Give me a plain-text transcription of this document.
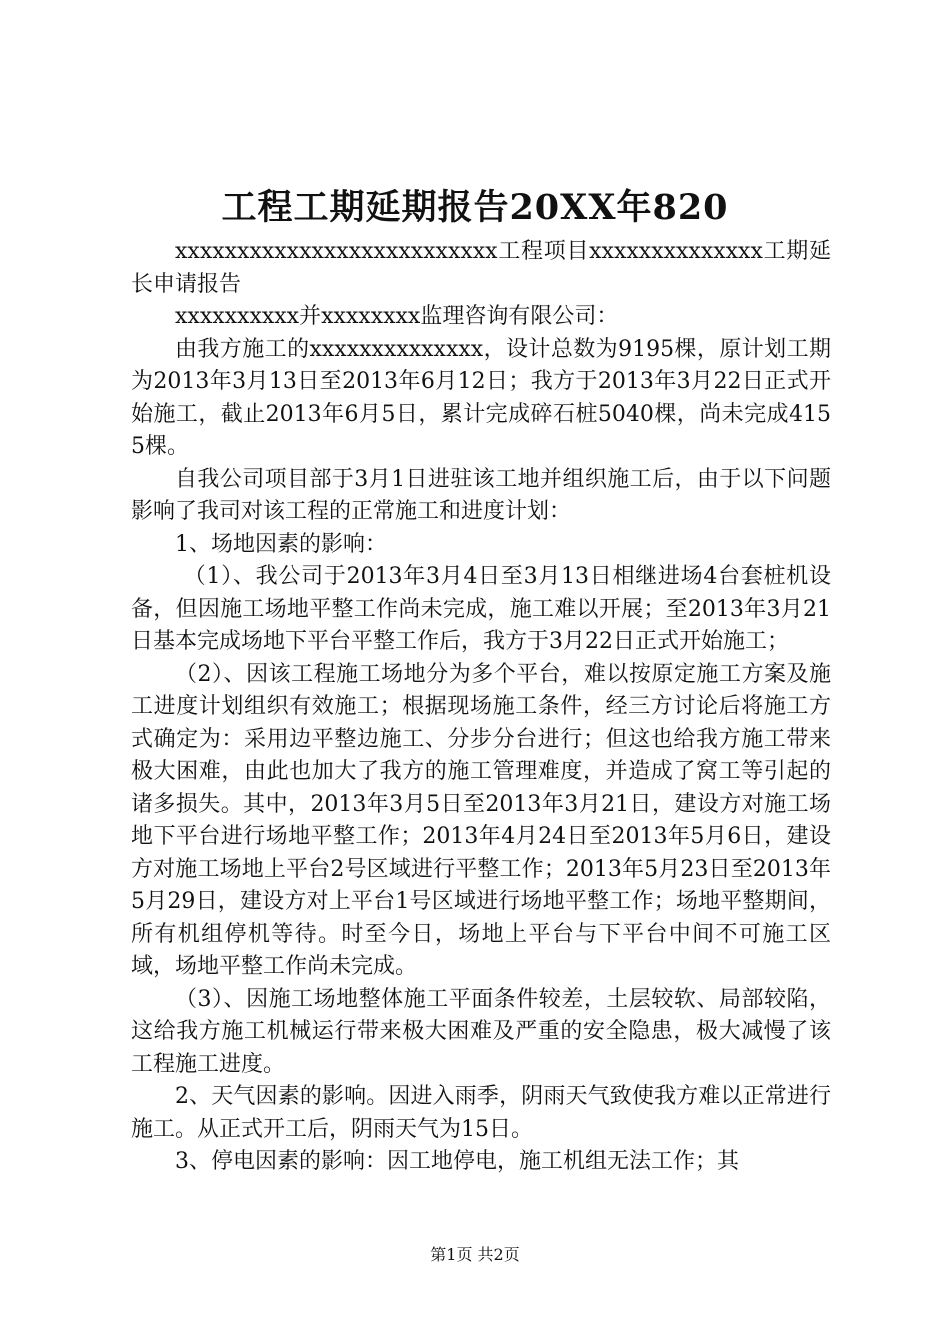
工程工期延期报告20XX年820

xxxxxxxxxxxxxxxxxxxxxxxxxx工程项目xxxxxxxxxxxxxx工期延长申请报告

xxxxxxxxxx并xxxxxxxx监理咨询有限公司：

由我方施工的xxxxxxxxxxxxxx，设计总数为9195棵，原计划工期为2013年3月13日至2013年6月12日；我方于2013年3月22日正式开始施工，截止2013年6月5日，累计完成碎石桩5040棵，尚未完成4155棵。

自我公司项目部于3月1日进驻该工地并组织施工后，由于以下问题影响了我司对该工程的正常施工和进度计划：

1、场地因素的影响：

（1）、我公司于2013年3月4日至3月13日相继进场4台套桩机设备，但因施工场地平整工作尚未完成，施工难以开展；至2013年3月21日基本完成场地下平台平整工作后，我方于3月22日正式开始施工；

（2）、因该工程施工场地分为多个平台，难以按原定施工方案及施工进度计划组织有效施工；根据现场施工条件，经三方讨论后将施工方式确定为：采用边平整边施工、分步分台进行；但这也给我方施工带来极大困难，由此也加大了我方的施工管理难度，并造成了窝工等引起的诸多损失。其中，2013年3月5日至2013年3月21日，建设方对施工场地下平台进行场地平整工作；2013年4月24日至2013年5月6日，建设方对施工场地上平台2号区域进行平整工作；2013年5月23日至2013年5月29日，建设方对上平台1号区域进行场地平整工作；场地平整期间，所有机组停机等待。时至今日，场地上平台与下平台中间不可施工区域，场地平整工作尚未完成。

（3）、因施工场地整体施工平面条件较差，土层较软、局部较陷，这给我方施工机械运行带来极大困难及严重的安全隐患，极大减慢了该工程施工进度。

2、天气因素的影响。因进入雨季，阴雨天气致使我方难以正常进行施工。从正式开工后，阴雨天气为15日。

3、停电因素的影响：因工地停电，施工机组无法工作；其

第1页 共2页
